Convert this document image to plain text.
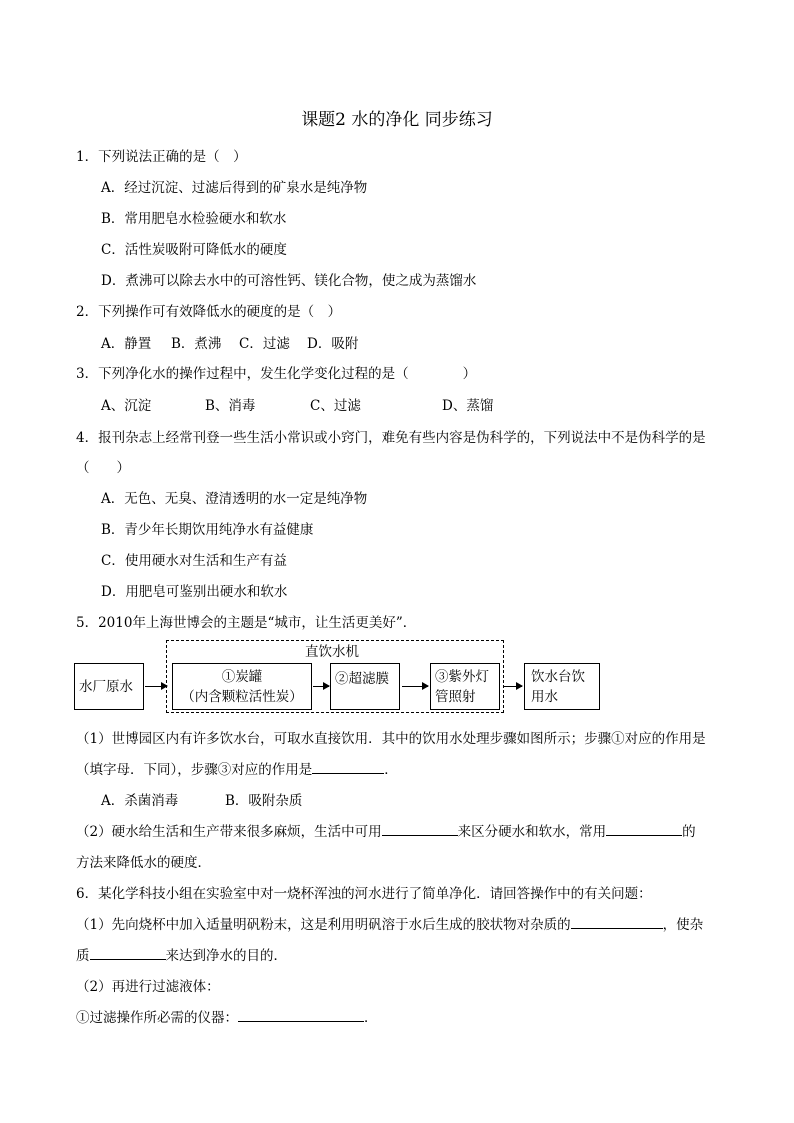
课题2 水的净化 同步练习
1．下列说法正确的是（　）
A．经过沉淀、过滤后得到的矿泉水是纯净物
B．常用肥皂水检验硬水和软水
C．活性炭吸附可降低水的硬度
D．煮沸可以除去水中的可溶性钙、镁化合物，使之成为蒸馏水
2．下列操作可有效降低水的硬度的是（　）
A．静置 B．煮沸 C．过滤 D．吸附
3．下列净化水的操作过程中，发生化学变化过程的是（　　　　）
A、沉淀	B、消毒	C、过滤	D、蒸馏
4．报刊杂志上经常刊登一些生活小常识或小窍门，难免有些内容是伪科学的，下列说法中不是伪科学的是
（　　）
A．无色、无臭、澄清透明的水一定是纯净物
B．青少年长期饮用纯净水有益健康
C．使用硬水对生活和生产有益
D．用肥皂可鉴别出硬水和软水
5．2010年上海世博会的主题是“城市，让生活更美好”．
直饮水机
水厂原水
①炭罐
（内含颗粒活性炭）
②超滤膜	③紫外灯
管照射
饮水台饮
用水
（1）世博园区内有许多饮水台，可取水直接饮用．其中的饮用水处理步骤如图所示；步骤①对应的作用是
（填字母．下同），步骤③对应的作用是	．
A．杀菌消毒	B．吸附杂质
（2）硬水给生活和生产带来很多麻烦，生活中可用	来区分硬水和软水，常用	的
方法来降低水的硬度．
6．某化学科技小组在实验室中对一烧杯浑浊的河水进行了简单净化．请回答操作中的有关问题：
（1）先向烧杯中加入适量明矾粉末，这是利用明矾溶于水后生成的胶状物对杂质的	，使杂
质	来达到净水的目的．
（2）再进行过滤液体：
①过滤操作所必需的仪器：	．
